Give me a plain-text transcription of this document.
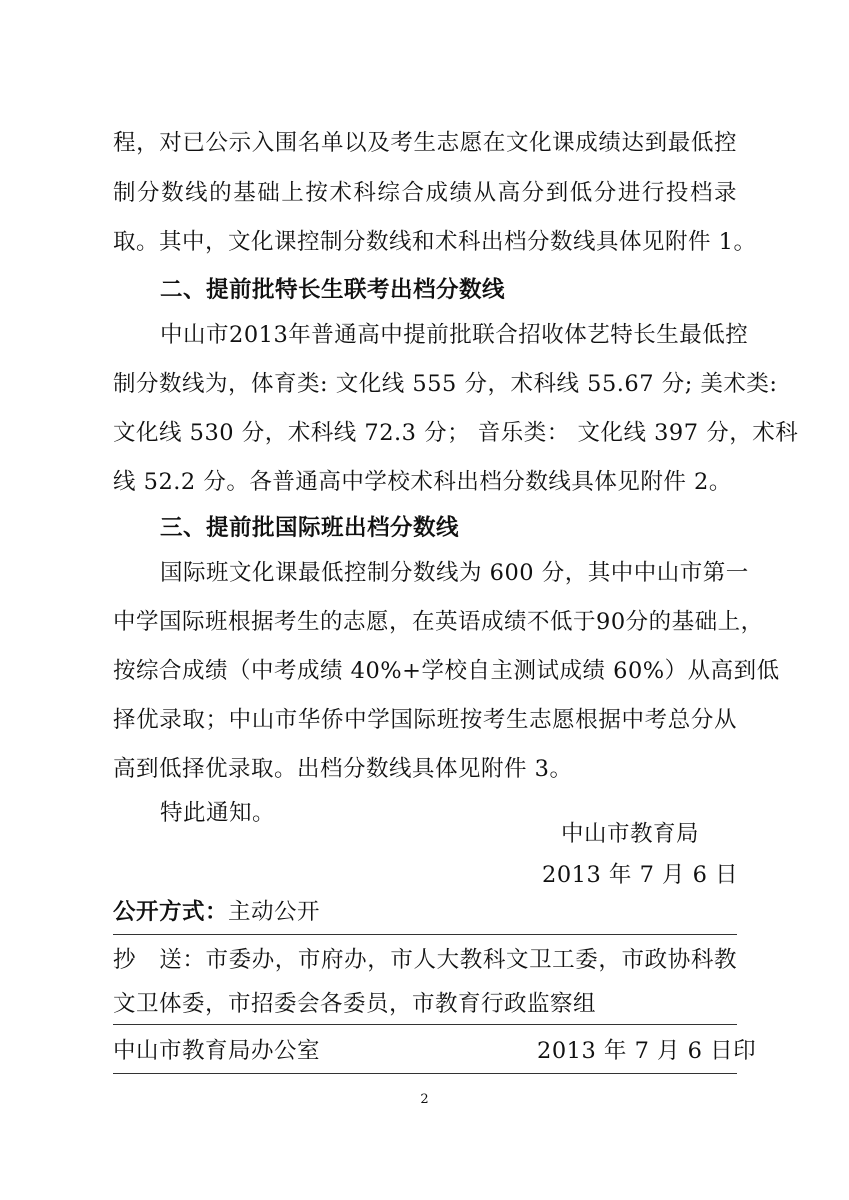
程，对已公示入围名单以及考生志愿在文化课成绩达到最低控
制分数线的基础上按术科综合成绩从高分到低分进行投档录
取。其中，文化课控制分数线和术科出档分数线具体见附件 1。
二、提前批特长生联考出档分数线
中山市2013年普通高中提前批联合招收体艺特长生最低控
制分数线为，体育类: 文化线 555 分，术科线 55.67 分; 美术类:
文化线 530 分，术科线 72.3 分； 音乐类： 文化线 397 分，术科
线 52.2 分。各普通高中学校术科出档分数线具体见附件 2。
三、提前批国际班出档分数线
国际班文化课最低控制分数线为 600 分，其中中山市第一
中学国际班根据考生的志愿，在英语成绩不低于90分的基础上，
按综合成绩（中考成绩 40%+学校自主测试成绩 60%）从高到低
择优录取；中山市华侨中学国际班按考生志愿根据中考总分从
高到低择优录取。出档分数线具体见附件 3。
特此通知。
中山市教育局
2013 年 7 月 6 日
公开方式：主动公开
抄　送：市委办，市府办，市人大教科文卫工委，市政协科教
文卫体委，市招委会各委员，市教育行政监察组
中山市教育局办公室	2013 年 7 月 6 日印
2
